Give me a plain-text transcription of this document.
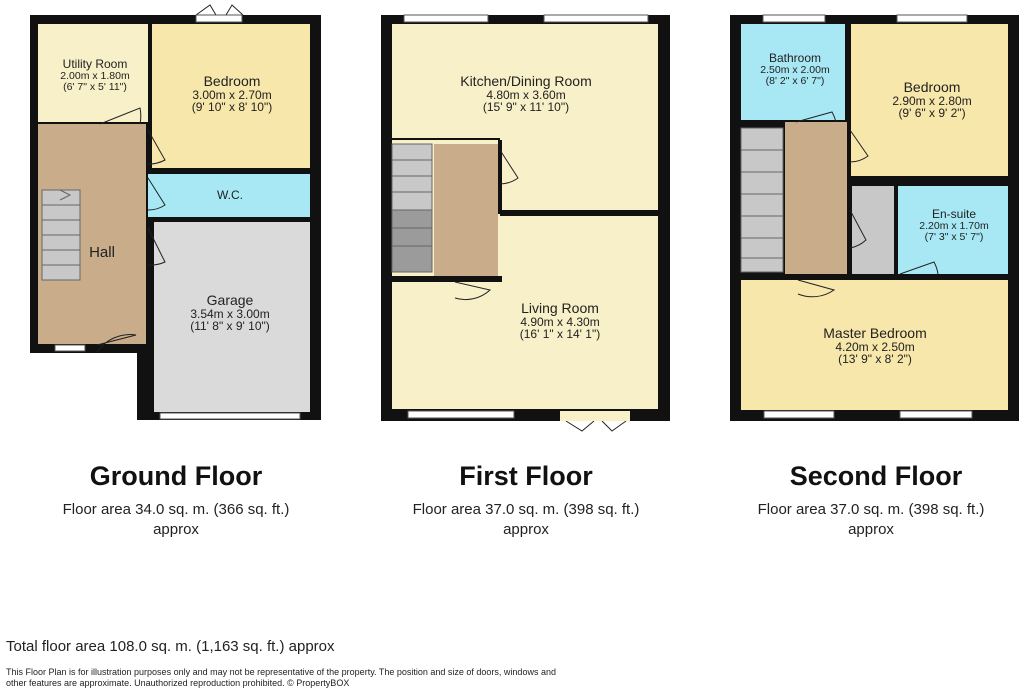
Utility Room
2.00m x 1.80m
(6' 7" x 5' 11")	Bedroom
3.00m x 2.70m
(9' 10" x 8' 10")
W.C.
Hall
Garage
3.54m x 3.00m
(11' 8" x 9' 10")
Kitchen/Dining Room
4.80m x 3.60m
(15' 9" x 11' 10")
Living Room
4.90m x 4.30m
(16' 1" x 14' 1")
Bathroom
2.50m x 2.00m
(8' 2" x 6' 7")	Bedroom
2.90m x 2.80m
(9' 6" x 9' 2")
En-suite
2.20m x 1.70m
(7' 3" x 5' 7")
Master Bedroom
4.20m x 2.50m
(13' 9" x 8' 2")
Ground Floor
Floor area 34.0 sq. m. (366 sq. ft.)
approx
First Floor
Floor area 37.0 sq. m. (398 sq. ft.)
approx
Second Floor
Floor area 37.0 sq. m. (398 sq. ft.)
approx
Total floor area 108.0 sq. m. (1,163 sq. ft.) approx
This Floor Plan is for illustration purposes only and may not be representative of the property. The position and size of doors, windows and other features are approximate. Unauthorized reproduction prohibited. © PropertyBOX
